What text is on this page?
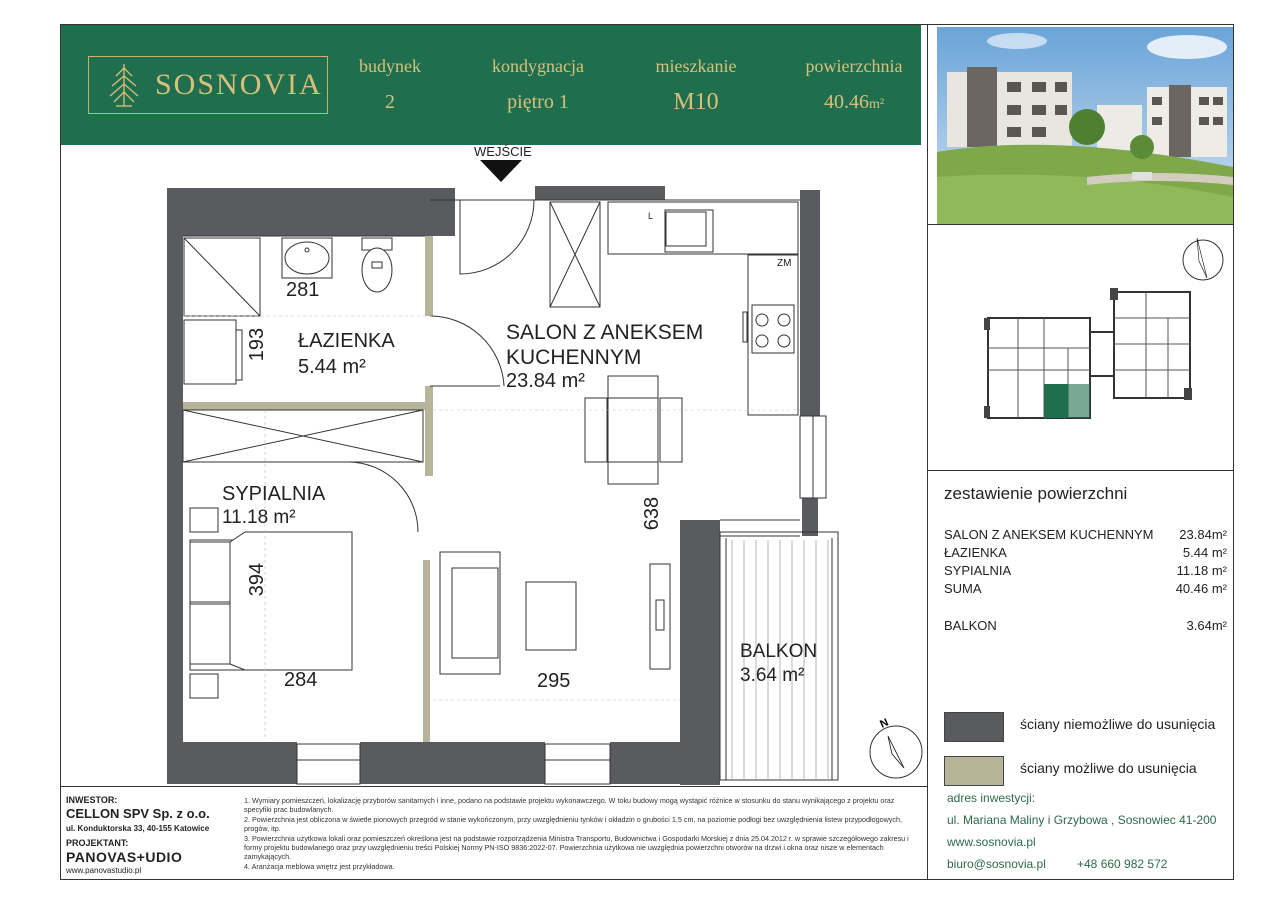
SOSNOVIA
budynek
2
kondygnacja
piętro 1
mieszkanie
M10
powierzchnia
40.46m²
WEJŚCIE
ZM
L
ŁAZIENKA
5.44 m²
SALON Z ANEKSEM
KUCHENNYM
23.84 m²
SYPIALNIA
11.18 m²
BALKON
3.64 m²
281
193
638
394
284	295
N
zestawienie powierzchni
SALON Z ANEKSEM KUCHENNYM 23.84m²
ŁAZIENKA	5.44 m²
SYPIALNIA	11.18 m²
SUMA	40.46 m²
BALKON	3.64m²
ściany niemożliwe do usunięcia
ściany możliwe do usunięcia
adres inwestycji:
ul. Mariana Maliny i Grzybowa , Sosnowiec 41-200
www.sosnovia.pl
biuro@sosnovia.pl	+48 660 982 572
INWESTOR:
CELLON SPV Sp. z o.o.
ul. Konduktorska 33, 40-155 Katowice
PROJEKTANT:
PANOVAS+UDIO
www.panovastudio.pl

1. Wymiary pomieszczeń, lokalizację przyborów sanitarnych i inne, podano na podstawie projektu wykonawczego. W toku budowy mogą wystąpić różnice w stosunku do stanu wynikającego z projektu oraz specyfiki prac budowlanych.

2. Powierzchnia jest obliczona w świetle pionowych przegród w stanie wykończonym, przy uwzględnieniu tynków i okładzin o grubości 1,5 cm, na poziomie podłogi bez uwzględnienia listew przypodłogowych, progów, itp.

3. Powierzchnia użytkowa lokali oraz pomieszczeń określona jest na podstawie rozporządzenia Ministra Transportu, Budownictwa i Gospodarki Morskiej z dnia 25.04.2012 r. w sprawie szczegółowego zakresu i formy projektu budowlanego oraz przy uwzględnieniu treści Polskiej Normy PN-ISO 9836:2022-07. Powierzchnia użytkowa nie uwzględnia powierzchni otworów na drzwi i okna oraz nisze w elementach zamykających.

4. Aranżacja meblowa wnętrz jest przykładowa.
